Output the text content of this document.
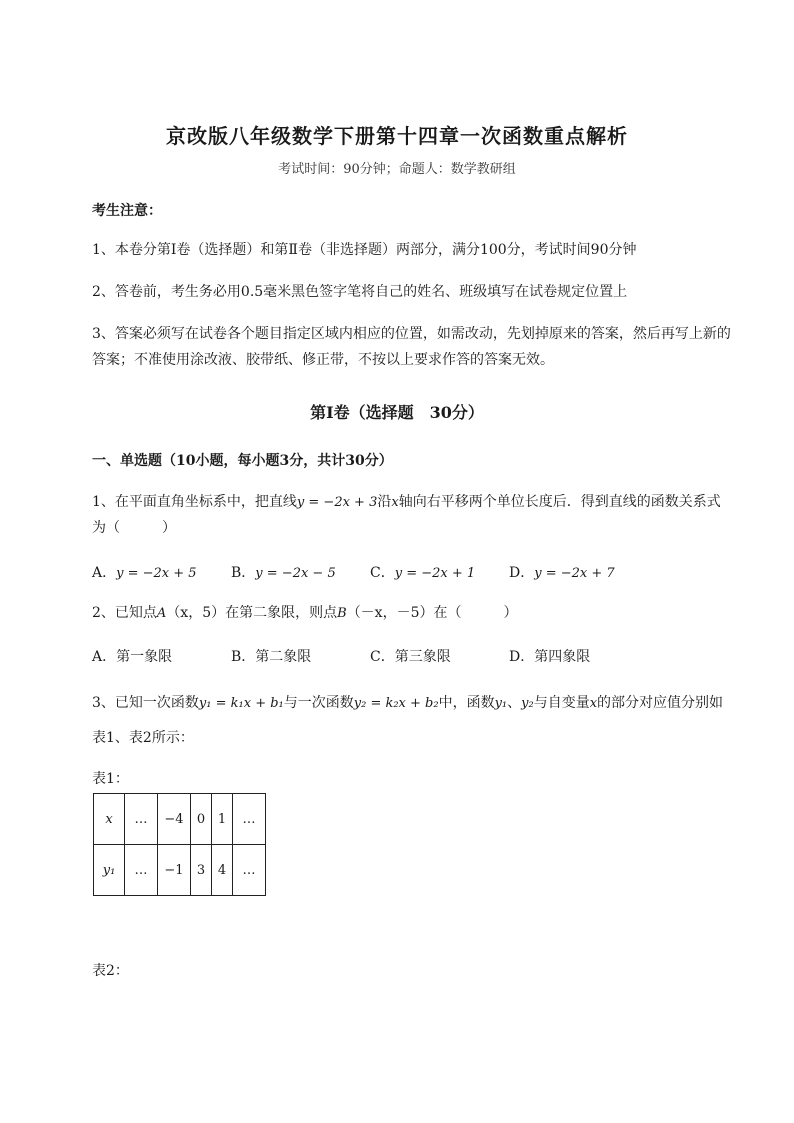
京改版八年级数学下册第十四章一次函数重点解析
考试时间：90分钟；命题人：数学教研组
考生注意：
1、本卷分第I卷（选择题）和第Ⅱ卷（非选择题）两部分，满分100分，考试时间90分钟
2、答卷前，考生务必用0.5毫米黑色签字笔将自己的姓名、班级填写在试卷规定位置上
3、答案必须写在试卷各个题目指定区域内相应的位置，如需改动，先划掉原来的答案，然后再写上新的答案；不准使用涂改液、胶带纸、修正带，不按以上要求作答的答案无效。
第I卷（选择题　30分）
一、单选题（10小题，每小题3分，共计30分）
1、在平面直角坐标系中，把直线y = −2x + 3沿x轴向右平移两个单位长度后．得到直线的函数关系式
为（　　　）
A．y = −2x + 5	B．y = −2x − 5	C．y = −2x + 1	D．y = −2x + 7
2、已知点A（x，5）在第二象限，则点B（－x，－5）在（　　　）
A．第一象限	B．第二象限	C．第三象限	D．第四象限
3、已知一次函数y₁ = k₁x + b₁与一次函数y₂ = k₂x + b₂中，函数y₁、y₂与自变量x的部分对应值分别如
表1、表2所示：
表1：
x	…	−4	0	1	…
y₁	…	−1	3	4	…
表2：
